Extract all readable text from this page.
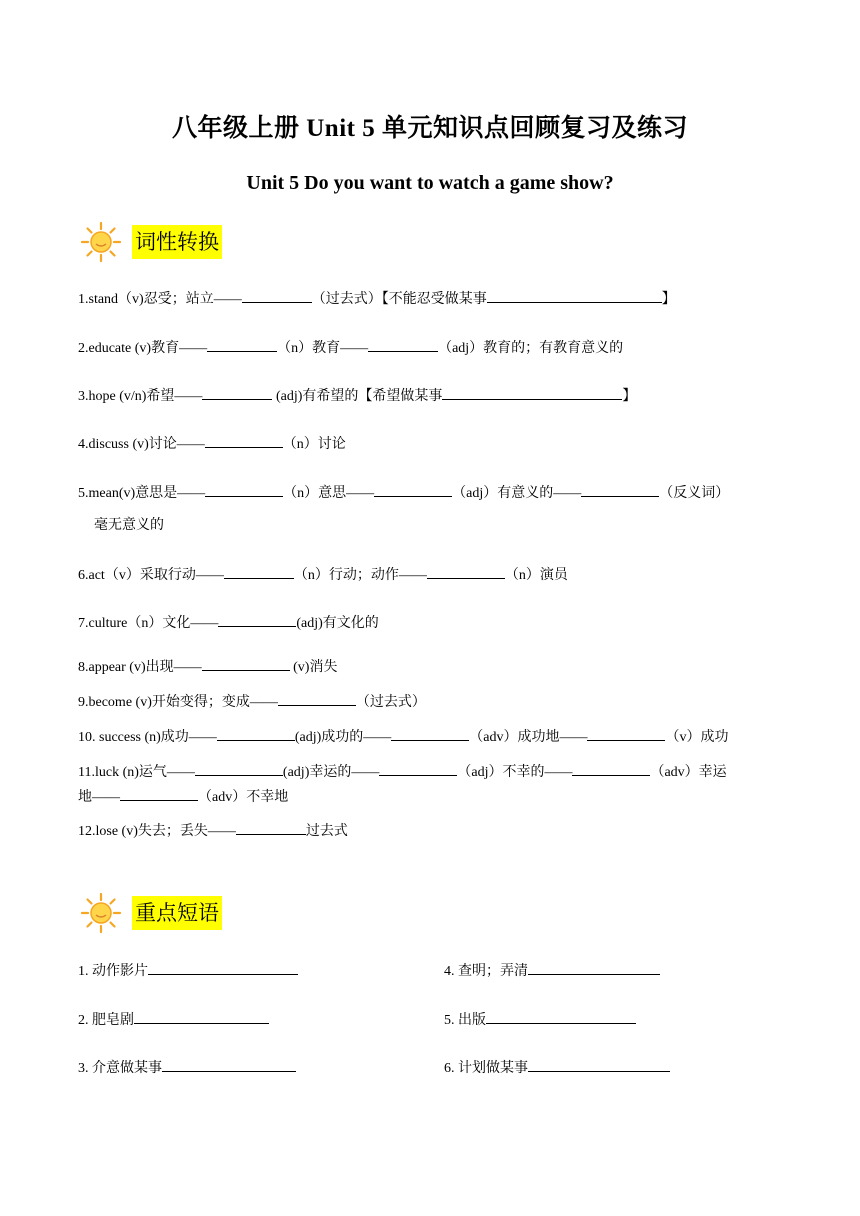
八年级上册 Unit 5 单元知识点回顾复习及练习
Unit 5 Do you want to watch a game show?
词性转换
1.stand（v)忍受；站立——	（过去式）【不能忍受做某事	】
2.educate (v)教育——	（n）教育——	（adj）教育的；有教育意义的
3.hope (v/n)希望——	(adj)有希望的【希望做某事	】
4.discuss (v)讨论——	（n）讨论
5.mean(v)意思是——	（n）意思——	（adj）有意义的——	（反义词）
毫无意义的
6.act（v）采取行动——	（n）行动；动作——	（n）演员
7.culture（n）文化——	(adj)有文化的
8.appear (v)出现——	(v)消失
9.become (v)开始变得；变成——	（过去式）
10. success (n)成功——	(adj)成功的——	（adv）成功地——	（v）成功
11.luck (n)运气——	(adj)幸运的——	（adj）不幸的——	（adv）幸运
地——	（adv）不幸地
12.lose (v)失去；丢失——	过去式
重点短语
1. 动作影片	4. 查明；弄清
2. 肥皂剧	5. 出版
3. 介意做某事	6. 计划做某事
